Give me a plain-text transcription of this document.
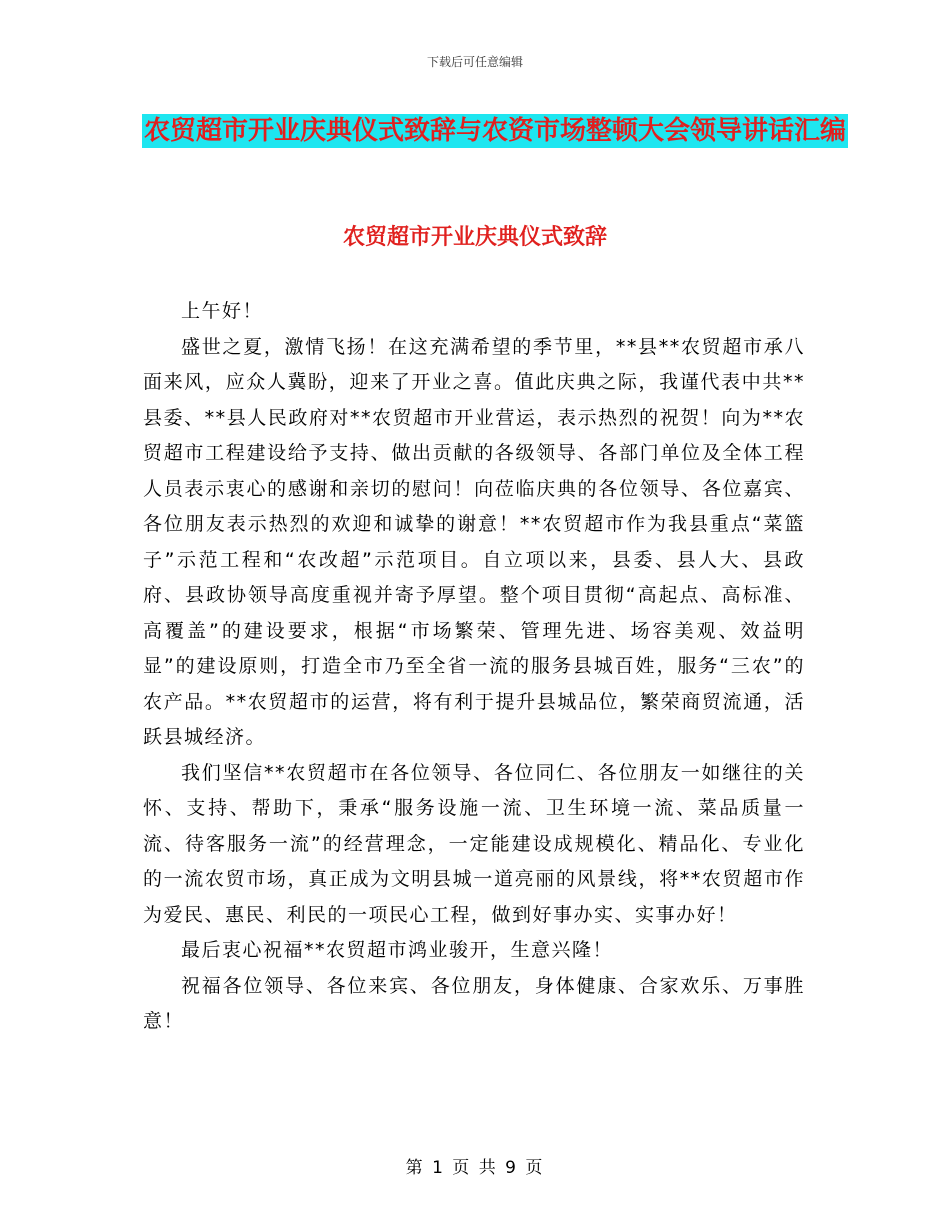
下载后可任意编辑
农贸超市开业庆典仪式致辞与农资市场整顿大会领导讲话汇编
农贸超市开业庆典仪式致辞

上午好！

盛世之夏，激情飞扬！在这充满希望的季节里，**县**农贸超市承八面来风，应众人冀盼，迎来了开业之喜。值此庆典之际，我谨代表中共**县委、**县人民政府对**农贸超市开业营运，表示热烈的祝贺！向为**农贸超市工程建设给予支持、做出贡献的各级领导、各部门单位及全体工程人员表示衷心的感谢和亲切的慰问！向莅临庆典的各位领导、各位嘉宾、各位朋友表示热烈的欢迎和诚挚的谢意！**农贸超市作为我县重点“菜篮子”示范工程和“农改超”示范项目。自立项以来，县委、县人大、县政府、县政协领导高度重视并寄予厚望。整个项目贯彻“高起点、高标准、高覆盖”的建设要求，根据“市场繁荣、管理先进、场容美观、效益明显”的建设原则，打造全市乃至全省一流的服务县城百姓，服务“三农”的农产品。**农贸超市的运营，将有利于提升县城品位，繁荣商贸流通，活跃县城经济。

我们坚信**农贸超市在各位领导、各位同仁、各位朋友一如继往的关怀、支持、帮助下，秉承“服务设施一流、卫生环境一流、菜品质量一流、待客服务一流”的经营理念，一定能建设成规模化、精品化、专业化的一流农贸市场，真正成为文明县城一道亮丽的风景线，将**农贸超市作为爱民、惠民、利民的一项民心工程，做到好事办实、实事办好！

最后衷心祝福**农贸超市鸿业骏开，生意兴隆！

祝福各位领导、各位来宾、各位朋友，身体健康、合家欢乐、万事胜意！

第 1 页 共 9 页
